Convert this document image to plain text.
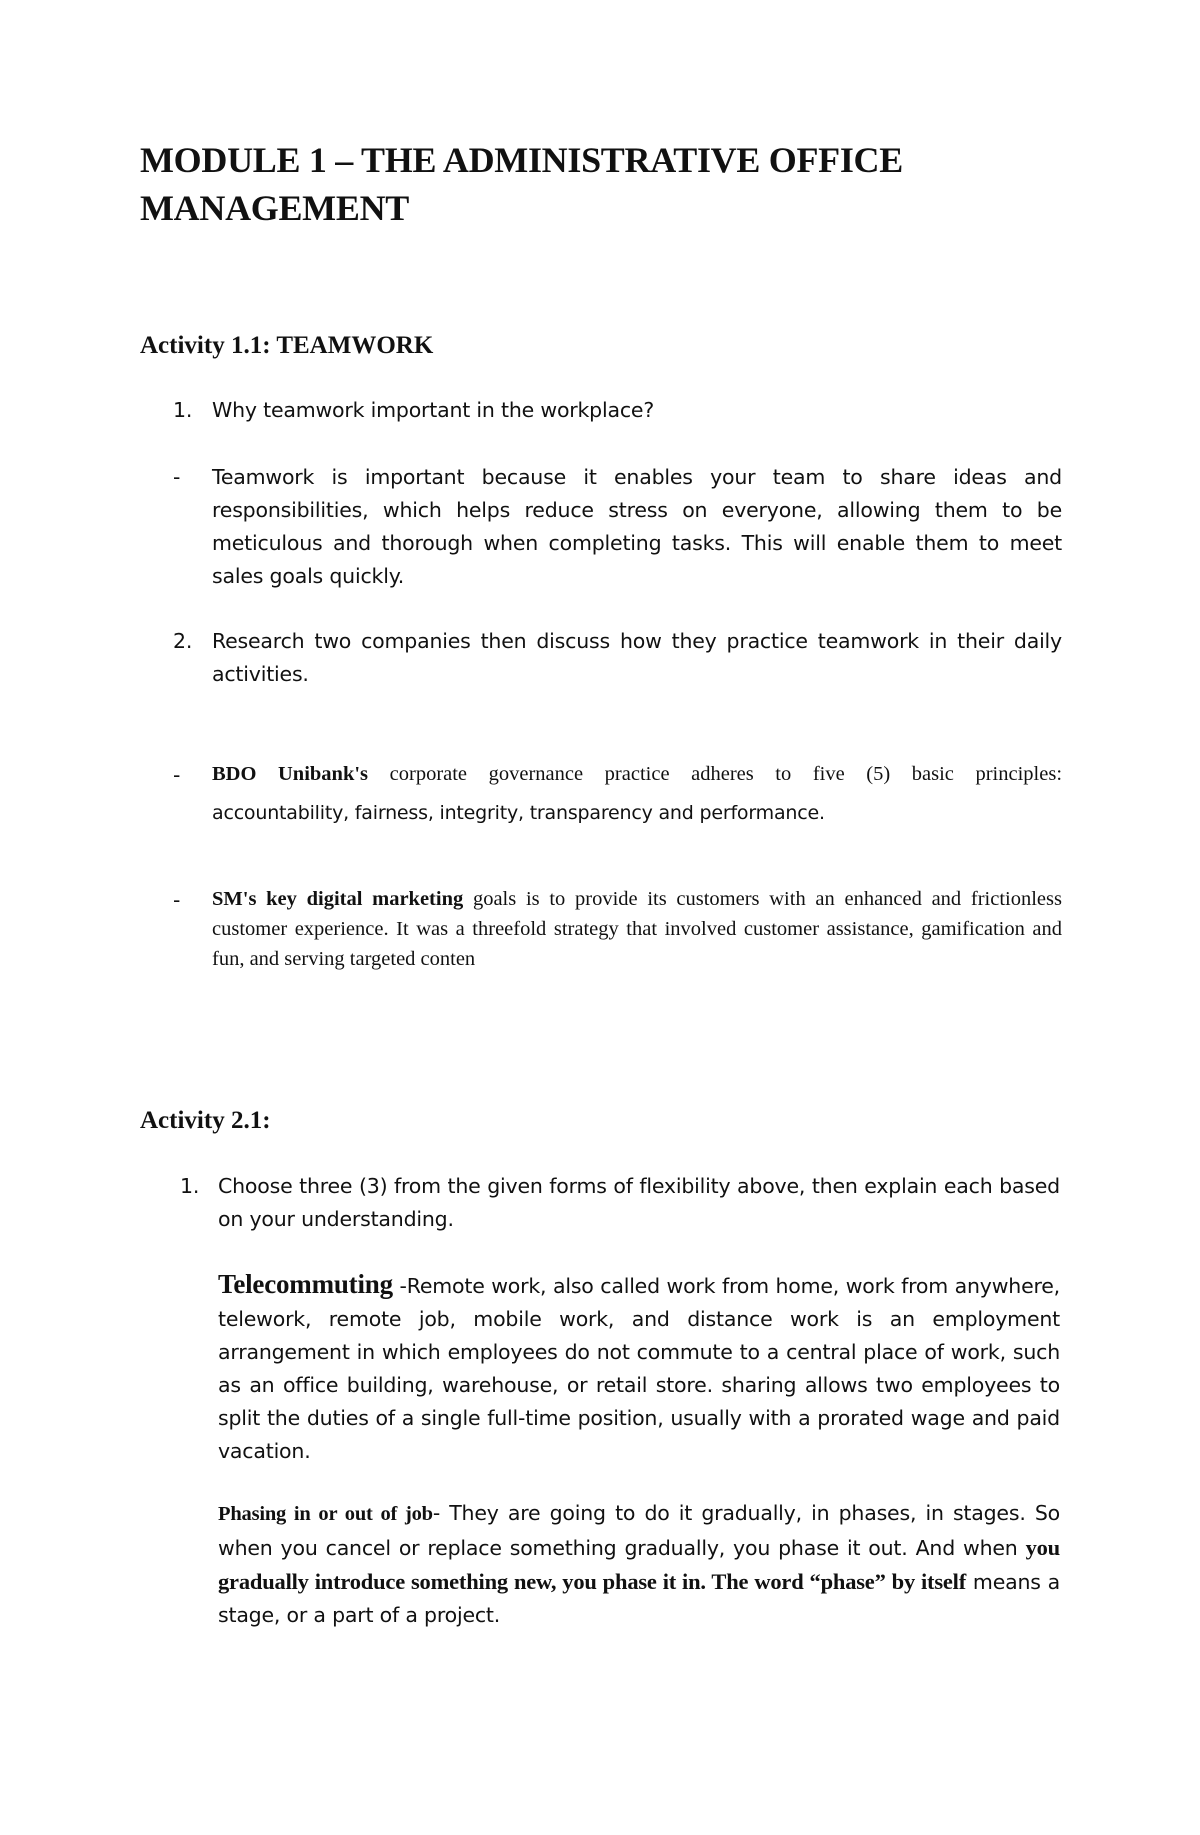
MODULE 1 – THE ADMINISTRATIVE OFFICE MANAGEMENT
Activity 1.1: TEAMWORK
1. Why teamwork important in the workplace?

- Teamwork is important because it enables your team to share ideas and responsibilities, which helps reduce stress on everyone, allowing them to be meticulous and thorough when completing tasks. This will enable them to meet sales goals quickly.

2. Research two companies then discuss how they practice teamwork in their daily activities.

- BDO Unibank's corporate governance practice adheres to five (5) basic principles:

accountability, fairness, integrity, transparency and performance.

- SM's key digital marketing goals is to provide its customers with an enhanced and frictionless customer experience. It was a threefold strategy that involved customer assistance, gamification and fun, and serving targeted conten

Activity 2.1:
1. Choose three (3) from the given forms of flexibility above, then explain each based on your understanding.

Telecommuting -Remote work, also called work from home, work from anywhere, telework, remote job, mobile work, and distance work is an employment arrangement in which employees do not commute to a central place of work, such as an office building, warehouse, or retail store. sharing allows two employees to split the duties of a single full-time position, usually with a prorated wage and paid vacation.

Phasing in or out of job- They are going to do it gradually, in phases, in stages. So when you cancel or replace something gradually, you phase it out. And when you gradually introduce something new, you phase it in. The word “phase” by itself means a stage, or a part of a project.
